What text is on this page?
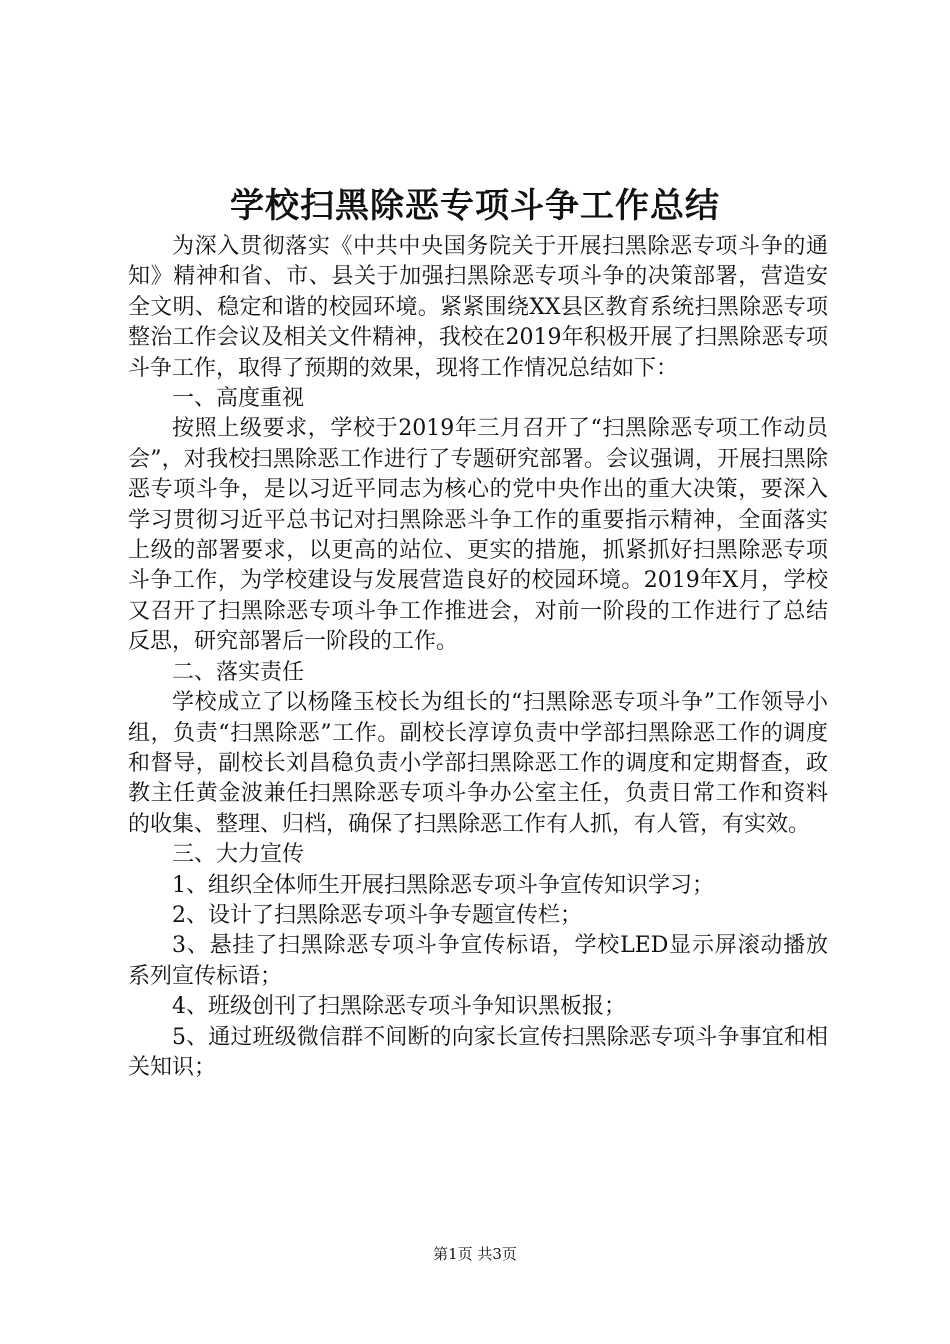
学校扫黑除恶专项斗争工作总结

为深入贯彻落实《中共中央国务院关于开展扫黑除恶专项斗争的通知》精神和省、市、县关于加强扫黑除恶专项斗争的决策部署，营造安全文明、稳定和谐的校园环境。紧紧围绕XX县区教育系统扫黑除恶专项整治工作会议及相关文件精神，我校在2019年积极开展了扫黑除恶专项斗争工作，取得了预期的效果，现将工作情况总结如下：

一、高度重视

按照上级要求，学校于2019年三月召开了“扫黑除恶专项工作动员会”，对我校扫黑除恶工作进行了专题研究部署。会议强调，开展扫黑除恶专项斗争，是以习近平同志为核心的党中央作出的重大决策，要深入学习贯彻习近平总书记对扫黑除恶斗争工作的重要指示精神，全面落实上级的部署要求，以更高的站位、更实的措施，抓紧抓好扫黑除恶专项斗争工作，为学校建设与发展营造良好的校园环境。2019年X月，学校又召开了扫黑除恶专项斗争工作推进会，对前一阶段的工作进行了总结反思，研究部署后一阶段的工作。

二、落实责任

学校成立了以杨隆玉校长为组长的“扫黑除恶专项斗争”工作领导小组，负责“扫黑除恶”工作。副校长淳谆负责中学部扫黑除恶工作的调度和督导，副校长刘昌稳负责小学部扫黑除恶工作的调度和定期督查，政教主任黄金波兼任扫黑除恶专项斗争办公室主任，负责日常工作和资料的收集、整理、归档，确保了扫黑除恶工作有人抓，有人管，有实效。

三、大力宣传

1、组织全体师生开展扫黑除恶专项斗争宣传知识学习；

2、设计了扫黑除恶专项斗争专题宣传栏；

3、悬挂了扫黑除恶专项斗争宣传标语，学校LED显示屏滚动播放系列宣传标语；

4、班级创刊了扫黑除恶专项斗争知识黑板报；

5、通过班级微信群不间断的向家长宣传扫黑除恶专项斗争事宜和相关知识；

第1页 共3页
